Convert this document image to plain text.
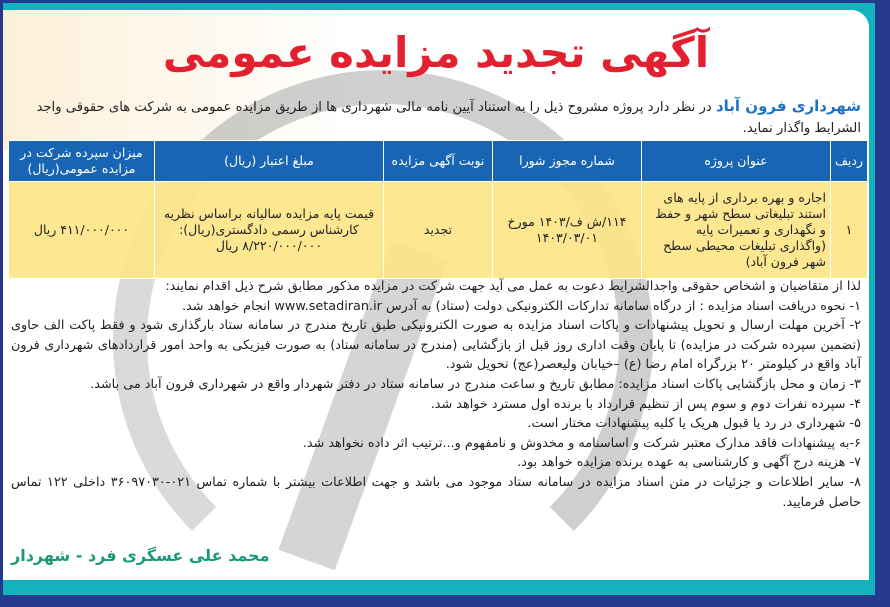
آگهی تجدید مزایده عمومی
شهرداری فرون آباد در نظر دارد پروژه مشروح ذیل را به استناد آیین نامه مالی شهرداری ها از طریق مزایده عمومی به شرکت های حقوقی واجد الشرایط واگذار نماید.
ردیف	عنوان پروژه	شماره مجوز شورا	نوبت آگهی مزایده	مبلغ اعتبار (ریال)	میزان سپرده شرکت در مزایده عمومی(ریال)
۱	اجاره و بهره برداری از پایه های استند تبلیغاتی سطح شهر و حفظ و نگهداری و تعمیرات پایه (واگذاری تبلیغات محیطی سطح شهر فرون آباد)	۱۱۴/ش ف/۱۴۰۳ مورخ ۱۴۰۳/۰۳/۰۱	تجدید	قیمت پایه مزایده سالیانه براساس نظریه کارشناس رسمی دادگستری(ریال): ۸/۲۲۰/۰۰۰/۰۰۰ ریال	۴۱۱/۰۰۰/۰۰۰ ریال

لذا از متقاضیان و اشخاص حقوقی واجدالشرایط دعوت به عمل می آید جهت شرکت در مزایده مذکور مطابق شرح ذیل اقدام نمایند:

۱- نحوه دریافت اسناد مزایده : از درگاه سامانه تدارکات الکترونیکی دولت (ستاد) به آدرس www.setadiran.ir انجام خواهد شد.

۲- آخرین مهلت ارسال و تحویل پیشنهادات و پاکات اسناد مزایده به صورت الکترونیکی طبق تاریخ مندرج در سامانه ستاد بارگذاری شود و فقط پاکت الف حاوی (تضمین سپرده شرکت در مزایده) تا پایان وقت اداری روز قبل از بازگشایی (مندرج در سامانه ستاد) به صورت فیزیکی به واحد امور قراردادهای شهرداری فرون آباد واقع در کیلومتر ۲۰ بزرگراه امام رضا (ع) –خیابان ولیعصر(عج) تحویل شود.

۳- زمان و محل بازگشایی پاکات اسناد مزایده: مطابق تاریخ و ساعت مندرج در سامانه ستاد در دفتر شهردار واقع در شهرداری فرون آباد می باشد.

۴- سپرده نفرات دوم و سوم پس از تنظیم قرارداد با برنده اول مسترد خواهد شد.

۵- شهرداری در رد یا قبول هریک یا کلیه پیشنهادات مختار است.

۶-به پیشنهادات فاقد مدارک معتبر شرکت و اساسنامه و مخدوش و نامفهوم و...ترتیب اثر داده نخواهد شد.

۷- هزینه درج آگهی و کارشناسی به عهده برنده مزایده خواهد بود.

۸- سایر اطلاعات و جزئیات در متن اسناد مزایده در سامانه ستاد موجود می باشد و جهت اطلاعات بیشتر با شماره تماس ۰۲۱-۳۶۰۹۷۰۳۰ داخلی ۱۲۲ تماس حاصل فرمایید.

محمد علی عسگری فرد - شهردار
